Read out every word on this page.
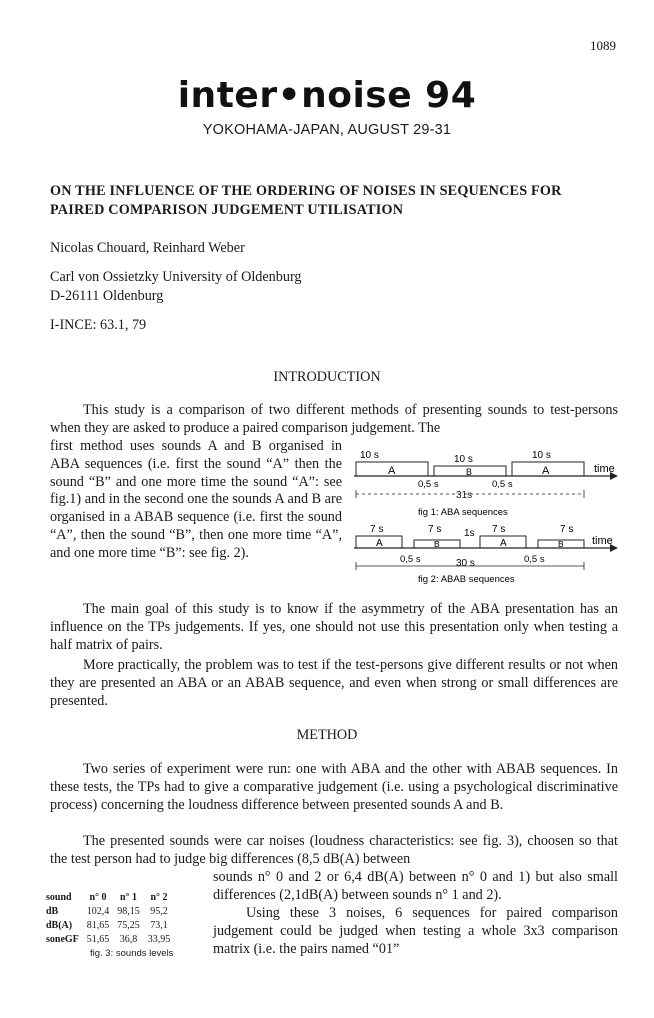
1089
inter•noise 94
YOKOHAMA-JAPAN, AUGUST 29-31
ON THE INFLUENCE OF THE ORDERING OF NOISES IN SEQUENCES FOR
PAIRED COMPARISON JUDGEMENT UTILISATION
Nicolas Chouard, Reinhard Weber
Carl von Ossietzky University of Oldenburg
D-26111 Oldenburg
I-INCE: 63.1, 79
INTRODUCTION
This study is a comparison of two different methods of presenting sounds to test-persons when they are asked to produce a paired comparison judgement. The
first method uses sounds A and B organised in ABA sequences (i.e. first the sound “A” then the sound “B” and one more time the sound “A”: see fig.1) and in the second one the sounds A and B are organised in a ABAB sequence (i.e. first the sound “A”, then the sound “B”, then one more time “A”, and one more time “B”: see fig. 2).
10 s	10 s	10 s
A	B	A	time
0,5 s	0,5 s
31s
fig 1: ABA sequences
7 s	7 s	7 s	7 s
1s
A	B	A	B	time
0,5 s	30 s	0,5 s
fig 2: ABAB sequences
The main goal of this study is to know if the asymmetry of the ABA presentation has an influence on the TPs judgements. If yes, one should not use this presentation only when testing a half matrix of pairs.
More practically, the problem was to test if the test-persons give different results or not when they are presented an ABA or an ABAB sequence, and even when strong or small differences are presented.
METHOD
Two series of experiment were run: one with ABA and the other with ABAB sequences. In these tests, the TPs had to give a comparative judgement (i.e. using a psychological discriminative process) concerning the loudness difference between presented sounds A and B.
The presented sounds were car noises (loudness characteristics: see fig. 3), choosen so that the test person had to judge big differences (8,5 dB(A) between
sounds n° 0 and 2 or 6,4 dB(A) between n° 0 and 1) but also small differences (2,1dB(A) between sounds n° 1 and 2).
Using these 3 noises, 6 sequences for paired comparison judgement could be judged when testing a whole 3x3 comparison matrix (i.e. the pairs named “01”
sound	n° 0	n° 1	n° 2
dB	102,4	98,15	95,2
dB(A)	81,65	75,25	73,1
soneGF	51,65	36,8	33,95
fig. 3: sounds levels
